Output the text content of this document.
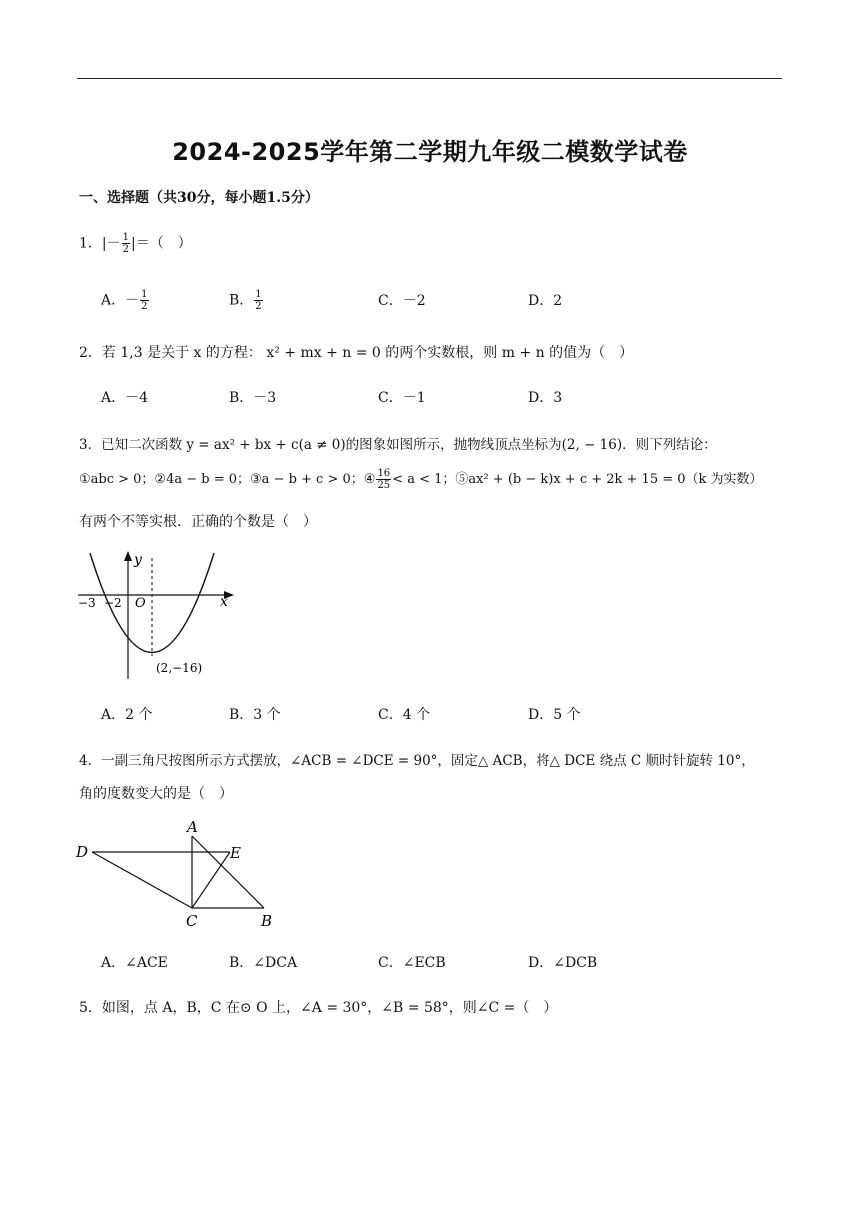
2024-2025学年第二学期九年级二模数学试卷
一、选择题（共30分，每小题1.5分）
1．|－ $\frac{1}{2}$ |＝（　）
A．－ $\frac{1}{2}$	B． $\frac{1}{2}$	C．－2	D．2
2．若 1,3 是关于 x 的方程： x² + mx + n = 0 的两个实数根，则 m + n 的值为（　）
A．－4	B．－3	C．－1	D．3
3．已知二次函数 y = ax² + bx + c(a ≠ 0)的图象如图所示，抛物线顶点坐标为(2, − 16)．则下列结论：
①abc > 0；②4a − b = 0；③a − b + c > 0；④ $\frac{16}{25} < a < 1$；⑤ax² + (b − k)x + c + 2k + 15 = 0（k 为实数）
有两个不等实根．正确的个数是（　）
y
x
O
−3 −2
(2,−16)
A．2 个	B．3 个	C．4 个	D．5 个
4．一副三角尺按图所示方式摆放，∠ACB = ∠DCE = 90°，固定△ ACB，将△ DCE 绕点 C 顺时针旋转 10°，
角的度数变大的是（　）
A
D	E
C	B
A．∠ACE	B．∠DCA	C．∠ECB	D．∠DCB
5．如图，点 A，B，C 在⊙ O 上，∠A = 30°，∠B = 58°，则∠C =（　）
